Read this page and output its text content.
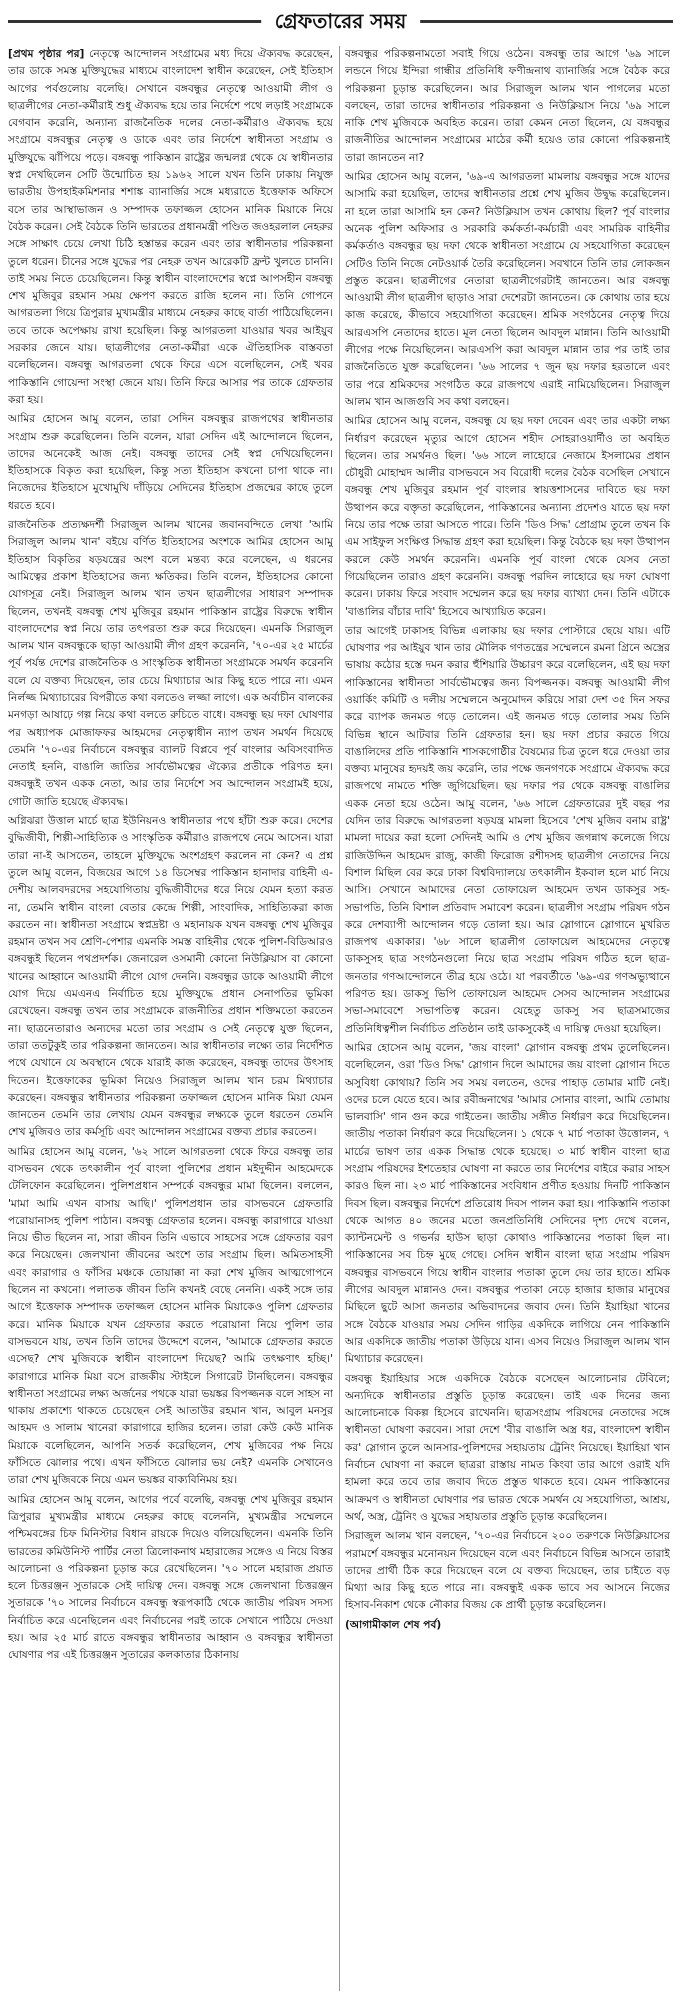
গ্রেফতারের সময়

[প্রথম পৃষ্ঠার পর] নেতৃত্বে আন্দোলন সংগ্রামের মধ্য দিয়ে ঐক্যবদ্ধ করেছেন, তার ডাকে সমস্ত মুক্তিযুদ্ধের মাধ্যমে বাংলাদেশ স্বাধীন করেছেন, সেই ইতিহাস আগের পর্বগুলোয় বলেছি। সেখানে বঙ্গবন্ধুর নেতৃত্বে আওয়ামী লীগ ও ছাত্রলীগের নেতা-কর্মীরাই শুধু ঐক্যবদ্ধ হয়ে তার নির্দেশে পথে লড়াই সংগ্রামকে বেগবান করেনি, অন্যান্য রাজনৈতিক দলের নেতা-কর্মীরাও ঐক্যবদ্ধ হয়ে সংগ্রামে বঙ্গবন্ধুর নেতৃত্ব ও ডাকে এবং তার নির্দেশে স্বাধীনতা সংগ্রাম ও মুক্তিযুদ্ধে ঝাঁপিয়ে পড়ে। বঙ্গবন্ধু পাকিস্তান রাষ্ট্রের জন্মলগ্ন থেকে যে স্বাধীনতার স্বপ্ন দেখছিলেন সেটি উন্মোচিত হয় ১৯৬২ সালে যখন তিনি ঢাকায় নিযুক্ত ভারতীয় উপহাইকমিশনার শশাঙ্ক ব্যানার্জির সঙ্গে মধ্যরাতে ইত্তেফাক অফিসে বসে তার আস্থাভাজন ও সম্পাদক তফাজ্জল হোসেন মানিক মিয়াকে নিয়ে বৈঠক করেন। সেই বৈঠকে তিনি ভারতের প্রধানমন্ত্রী পণ্ডিত জওহরলাল নেহরুর সঙ্গে সাক্ষাৎ চেয়ে লেখা চিঠি হস্তান্তর করেন এবং তার স্বাধীনতার পরিকল্পনা তুলে ধরেন। চীনের সঙ্গে যুদ্ধের পর নেহরু তখন আরেকটি ফ্রন্ট খুলতে চাননি। তাই সময় নিতে চেয়েছিলেন। কিন্তু স্বাধীন বাংলাদেশের স্বপ্নে আপসহীন বঙ্গবন্ধু শেখ মুজিবুর রহমান সময় ক্ষেপণ করতে রাজি হলেন না। তিনি গোপনে আগরতলা গিয়ে ত্রিপুরার মুখ্যমন্ত্রীর মাধ্যমে নেহরুর কাছে বার্তা পাঠিয়েছিলেন। তবে তাকে অপেক্ষায় রাখা হয়েছিল। কিন্তু আগরতলা যাওয়ার খবর আইয়ুব সরকার জেনে যায়। ছাত্রলীগের নেতা-কর্মীরা একে ঐতিহাসিক বাস্তবতা বলেছিলেন। বঙ্গবন্ধু আগরতলা থেকে ফিরে এসে বলেছিলেন, সেই খবর পাকিস্তানি গোয়েন্দা সংস্থা জেনে যায়। তিনি ফিরে আসার পর তাকে গ্রেফতার করা হয়।

আমির হোসেন আমু বলেন, তারা সেদিন বঙ্গবন্ধুর রাজপথের স্বাধীনতার সংগ্রাম শুরু করেছিলেন। তিনি বলেন, যারা সেদিন এই আন্দোলনে ছিলেন, তাদের অনেকেই আজ নেই। বঙ্গবন্ধু তাদের সেই স্বপ্ন দেখিয়েছিলেন। ইতিহাসকে বিকৃত করা হয়েছিল, কিন্তু সত্য ইতিহাস কখনো চাপা থাকে না। নিজেদের ইতিহাসে মুখোমুখি দাঁড়িয়ে সেদিনের ইতিহাস প্রজন্মের কাছে তুলে ধরতে হবে।

রাজনৈতিক প্রত্যক্ষদর্শী সিরাজুল আলম খানের জবানবন্দিতে লেখা 'আমি সিরাজুল আলম খান' বইয়ে বর্ণিত ইতিহাসের অংশকে আমির হোসেন আমু ইতিহাস বিকৃতির ষড়যন্ত্রের অংশ বলে মন্তব্য করে বলেছেন, এ ধরনের আমিত্বের প্রকাশ ইতিহাসের জন্য ক্ষতিকর। তিনি বলেন, ইতিহাসের কোনো যোগসূত্র নেই। সিরাজুল আলম খান তখন ছাত্রলীগের সাধারণ সম্পাদক ছিলেন, তখনই বঙ্গবন্ধু শেখ মুজিবুর রহমান পাকিস্তান রাষ্ট্রের বিরুদ্ধে স্বাধীন বাংলাদেশের স্বপ্ন নিয়ে তার তৎপরতা শুরু করে দিয়েছেন। এমনকি সিরাজুল আলম খান বঙ্গবন্ধুকে ছাড়া আওয়ামী লীগ গ্রহণ করেননি, '৭০-এর ২৫ মার্চের পূর্ব পর্যন্ত দেশের রাজনৈতিক ও সাংস্কৃতিক স্বাধীনতা সংগ্রামকে সমর্থন করেননি বলে যে বক্তব্য দিয়েছেন, তার চেয়ে মিথ্যাচার আর কিছু হতে পারে না। এমন নির্লজ্জ মিথ্যাচারের বিপরীতে কথা বলতেও লজ্জা লাগে। এক অর্বাচীন বালকের মনগড়া আষাঢ়ে গল্প নিয়ে কথা বলতে রুচিতে বাধে। বঙ্গবন্ধু ছয় দফা ঘোষণার পর অধ্যাপক মোজাফফর আহমদের নেতৃত্বাধীন ন্যাপ তখন সমর্থন দিয়েছে তেমনি '৭০-এর নির্বাচনে বঙ্গবন্ধুর ব্যালট বিপ্লবে পূর্ব বাংলার অবিসংবাদিত নেতাই হননি, বাঙালি জাতির সার্বভৌমত্বের ঐক্যের প্রতীকে পরিণত হন। বঙ্গবন্ধুই তখন একক নেতা, আর তার নির্দেশে সব আন্দোলন সংগ্রামই হয়ে, গোটা জাতি হয়েছে ঐক্যবদ্ধ।

অগ্নিঝরা উত্তাল মার্চে ছাত্র ইউনিয়নও স্বাধীনতার পথে হাঁটা শুরু করে। দেশের বুদ্ধিজীবী, শিল্পী-সাহিত্যিক ও সাংস্কৃতিক কর্মীরাও রাজপথে নেমে আসেন। যারা তারা না-ই আসতেন, তাহলে মুক্তিযুদ্ধে অংশগ্রহণ করলেন না কেন? এ প্রশ্ন তুলে আমু বলেন, বিজয়ের আগে ১৪ ডিসেম্বর পাকিস্তান হানাদার বাহিনী এ-দেশীয় আলবদরদের সহযোগিতায় বুদ্ধিজীবীদের ধরে নিয়ে যেমন হত্যা করত না, তেমনি স্বাধীন বাংলা বেতার কেন্দ্রে শিল্পী, সাংবাদিক, সাহিত্যিকরা কাজ করতেন না। স্বাধীনতা সংগ্রামে স্বপ্নদ্রষ্টা ও মহানায়ক যখন বঙ্গবন্ধু শেখ মুজিবুর রহমান তখন সব শ্রেণি-পেশার এমনকি সমস্ত বাহিনীর থেকে পুলিশ-বিডিআরও বঙ্গবন্ধুই ছিলেন পথপ্রদর্শক। জেনারেল ওসমানী কোনো নিউক্লিয়াস বা কোনো খানের আহ্বানে আওয়ামী লীগে যোগ দেননি। বঙ্গবন্ধুর ডাকে আওয়ামী লীগে যোগ দিয়ে এমএনএ নির্বাচিত হয়ে মুক্তিযুদ্ধে প্রধান সেনাপতির ভূমিকা রেখেছেন। বঙ্গবন্ধু তখন তার সংগ্রামকে রাজনীতির প্রধান শক্তিমতো করতেন না। ছাত্রনেতারাও অন্যদের মতো তার সংগ্রাম ও সেই নেতৃত্বে যুক্ত ছিলেন, তারা ততটুকুই তার পরিকল্পনা জানতেন। আর স্বাধীনতার লক্ষ্যে তার নির্দেশিত পথে যেখানে যে অবস্থানে থেকে যারাই কাজ করেছেন, বঙ্গবন্ধু তাদের উৎসাহ দিতেন। ইত্তেফাকের ভূমিকা নিয়েও সিরাজুল আলম খান চরম মিথ্যাচার করেছেন। বঙ্গবন্ধুর স্বাধীনতার পরিকল্পনা তফাজ্জল হোসেন মানিক মিয়া যেমন জানতেন তেমনি তার লেখায় যেমন বঙ্গবন্ধুর লক্ষ্যকে তুলে ধরতেন তেমনি শেখ মুজিবও তার কর্মসূচি এবং আন্দোলন সংগ্রামের বক্তব্য প্রচার করতেন।

আমির হোসেন আমু বলেন, '৬২ সালে আগরতলা থেকে ফিরে বঙ্গবন্ধু তার বাসভবন থেকে তৎকালীন পূর্ব বাংলা পুলিশের প্রধান মইদুদ্দীন আহমেদকে টেলিফোন করেছিলেন। পুলিশপ্রধান সম্পর্কে বঙ্গবন্ধুর মামা ছিলেন। বললেন, 'মামা আমি এখন বাসায় আছি।' পুলিশপ্রধান তার বাসভবনে গ্রেফতারি পরোয়ানাসহ পুলিশ পাঠান। বঙ্গবন্ধু গ্রেফতার হলেন। বঙ্গবন্ধু কারাগারে যাওয়া নিয়ে ভীত ছিলেন না, সারা জীবন তিনি এভাবে সাহসের সঙ্গে গ্রেফতার বরণ করে নিয়েছেন। জেলখানা জীবনের অংশে তার সংগ্রাম ছিল। অমিতসাহসী এবং কারাগার ও ফাঁসির মঞ্চকে তোয়াক্কা না করা শেখ মুজিব আত্মগোপনে ছিলেন না কখনো। পলাতক জীবন তিনি কখনই বেছে নেননি। একই সঙ্গে তার আগে ইত্তেফাক সম্পাদক তফাজ্জল হোসেন মানিক মিয়াকেও পুলিশ গ্রেফতার করে। মানিক মিয়াকে যখন গ্রেফতার করতে পরোয়ানা নিয়ে পুলিশ তার বাসভবনে যায়, তখন তিনি তাদের উদ্দেশে বলেন, 'আমাকে গ্রেফতার করতে এসেছ? শেখ মুজিবকে স্বাধীন বাংলাদেশ দিয়েছ? আমি তৎক্ষণাৎ হচ্ছি।' কারাগারে মানিক মিয়া বসে রাজকীয় স্টাইলে সিগারেট টানছিলেন। বঙ্গবন্ধুর স্বাধীনতা সংগ্রামের লক্ষ্য অর্জনের পথকে যারা ভয়ঙ্কর বিপজ্জনক বলে সাহস না থাকায় প্রকাশ্যে থাকতে চেয়েছেন সেই আতাউর রহমান খান, আবুল মনসুর আহমদ ও সালাম খানেরা কারাগারে হাজির হলেন। তারা কেউ কেউ মানিক মিয়াকে বলেছিলেন, আপনি সতর্ক করেছিলেন, শেখ মুজিবের পক্ষ নিয়ে ফাঁসিতে ঝোলার পথে। এখন ফাঁসিতে ঝোলার ভয় নেই? এমনকি সেখানেও তারা শেখ মুজিবকে নিয়ে এমন ভয়ঙ্কর বাক্যবিনিময় হয়।

আমির হোসেন আমু বলেন, আগের পর্বে বলেছি, বঙ্গবন্ধু শেখ মুজিবুর রহমান ত্রিপুরার মুখ্যমন্ত্রীর মাধ্যমে নেহরুর কাছে বলেননি, মুখ্যমন্ত্রীর সম্মেলনে পশ্চিমবঙ্গের চিফ মিনিস্টার বিধান রায়কে দিয়েও বলিয়েছিলেন। এমনকি তিনি ভারতের কমিউনিস্ট পার্টির নেতা ত্রিলোকনাথ মহারাজের সঙ্গেও এ নিয়ে বিস্তর আলোচনা ও পরিকল্পনা চূড়ান্ত করে রেখেছিলেন। '৭০ সালে মহারাজ প্রয়াত হলে চিত্তরঞ্জন সুতারকে সেই দায়িত্ব দেন। বঙ্গবন্ধু সঙ্গে জেলখানা চিত্তরঞ্জন সুতারকে '৭০ সালের নির্বাচনে বঙ্গবন্ধু স্বরূপকাঠি থেকে জাতীয় পরিষদ সদস্য নির্বাচিত করে এনেছিলেন এবং নির্বাচনের পরই তাকে সেখানে পাঠিয়ে দেওয়া হয়। আর ২৫ মার্চ রাতে বঙ্গবন্ধুর স্বাধীনতার আহ্বান ও বঙ্গবন্ধুর স্বাধীনতা ঘোষণার পর এই চিত্তরঞ্জন সুতারের কলকাতার ঠিকানায়

বঙ্গবন্ধুর পরিকল্পনামতো সবাই গিয়ে ওঠেন। বঙ্গবন্ধু তার আগে '৬৯ সালে লন্ডনে গিয়ে ইন্দিরা গান্ধীর প্রতিনিধি ফণীন্দ্রনাথ ব্যানার্জির সঙ্গে বৈঠক করে পরিকল্পনা চূড়ান্ত করেছিলেন। আর সিরাজুল আলম খান পাগলের মতো বলছেন, তারা তাদের স্বাধীনতার পরিকল্পনা ও নিউক্লিয়াস নিয়ে '৬৯ সালে নাকি শেখ মুজিবকে অবহিত করেন। তারা কেমন নেতা ছিলেন, যে বঙ্গবন্ধুর রাজনীতির আন্দোলন সংগ্রামের মাঠের কর্মী হয়েও তার কোনো পরিকল্পনাই তারা জানতেন না?

আমির হোসেন আমু বলেন, '৬৯-এ আগরতলা মামলায় বঙ্গবন্ধুর সঙ্গে যাদের আসামি করা হয়েছিল, তাদের স্বাধীনতার প্রশ্নে শেখ মুজিব উদ্বুদ্ধ করেছিলেন। না হলে তারা আসামি হন কেন? নিউক্লিয়াস তখন কোথায় ছিল? পূর্ব বাংলার অনেক পুলিশ অফিসার ও সরকারি কর্মকর্তা-কর্মচারী এবং সামরিক বাহিনীর কর্মকর্তাও বঙ্গবন্ধুর ছয় দফা থেকে স্বাধীনতা সংগ্রামে যে সহযোগিতা করেছেন সেটিও তিনি নিজে নেটওয়ার্ক তৈরি করেছিলেন। সবখানে তিনি তার লোকজন প্রস্তুত করেন। ছাত্রলীগের নেতারা ছাত্রলীগেরটাই জানতেন। আর বঙ্গবন্ধু আওয়ামী লীগ ছাত্রলীগ ছাড়াও সারা দেশেরটা জানতেন। কে কোথায় তার হয়ে কাজ করেছে, কীভাবে সহযোগিতা করেছেন। শ্রমিক সংগঠনের নেতৃত্ব দিয়ে আরএসপি নেতাদের হাতে। মূল নেতা ছিলেন আবদুল মান্নান। তিনি আওয়ামী লীগের পক্ষে নিয়েছিলেন। আরএসপি করা আবদুল মান্নান তার পর তাই তার রাজনৈতিতে যুক্ত করেছিলেন। '৬৬ সালের ৭ জুন ছয় দফার হরতালে এবং তার পরে শ্রমিকদের সংগঠিত করে রাজপথে এরাই নামিয়েছিলেন। সিরাজুল আলম খান আজগুবি সব কথা বলছেন।

আমির হোসেন আমু বলেন, বঙ্গবন্ধু যে ছয় দফা দেবেন এবং তার একটা লক্ষ্য নির্ধারণ করেছেন মৃত্যুর আগে হোসেন শহীদ সোহরাওয়ার্দীও তা অবহিত ছিলেন। তার সমর্থনও ছিল। '৬৬ সালে লাহোরে নেজামে ইসলামের প্রধান চৌধুরী মোহাম্মদ আলীর বাসভবনে সব বিরোধী দলের বৈঠক বসেছিল সেখানে বঙ্গবন্ধু শেখ মুজিবুর রহমান পূর্ব বাংলার স্বায়ত্তশাসনের দাবিতে ছয় দফা উত্থাপন করে বক্তৃতা করেছিলেন, পাকিস্তানের অন্যান্য প্রদেশও যাতে ছয় দফা নিয়ে তার পক্ষে তারা আসতে পারে। তিনি 'ডিও সিদ্ধ' প্রোগ্রাম তুলে তখন কি এম সাইফুল সংক্ষিপ্ত সিদ্ধান্ত গ্রহণ করা হয়েছিল। কিন্তু বৈঠকে ছয় দফা উত্থাপন করলে কেউ সমর্থন করেননি। এমনকি পূর্ব বাংলা থেকে যেসব নেতা গিয়েছিলেন তারাও গ্রহণ করেননি। বঙ্গবন্ধু পরদিন লাহোরে ছয় দফা ঘোষণা করেন। ঢাকায় ফিরে সংবাদ সম্মেলন করে ছয় দফার ব্যাখ্যা দেন। তিনি এটাকে 'বাঙালির বাঁচার দাবি' হিসেবে আখ্যায়িত করেন।

তার আগেই ঢাকাসহ বিভিন্ন এলাকায় ছয় দফার পোস্টারে ছেয়ে যায়। এটি ঘোষণার পর আইয়ুব খান তার মৌলিক গণতন্ত্রের সম্মেলনে রমনা গ্রিনে অস্ত্রের ভাষায় কঠোর হস্তে দমন করার হুঁশিয়ারি উচ্চারণ করে বলেছিলেন, এই ছয় দফা পাকিস্তানের স্বাধীনতা সার্বভৌমত্বের জন্য বিপজ্জনক। বঙ্গবন্ধু আওয়ামী লীগ ওয়ার্কিং কমিটি ও দলীয় সম্মেলনে অনুমোদন করিয়ে সারা দেশ ৩৫ দিন সফর করে ব্যাপক জনমত গড়ে তোলেন। এই জনমত গড়ে তোলার সময় তিনি বিভিন্ন স্থানে আটবার তিনি গ্রেফতার হন। ছয় দফা প্রচার করতে গিয়ে বাঙালিদের প্রতি পাকিস্তানি শাসকগোষ্ঠীর বৈষম্যের চিত্র তুলে ধরে দেওয়া তার বক্তব্য মানুষের হৃদয়ই জয় করেনি, তার পক্ষে জনগণকে সংগ্রামে ঐক্যবদ্ধ করে রাজপথে নামতে শক্তি জুগিয়েছিল। ছয় দফার পর থেকে বঙ্গবন্ধু বাঙালির একক নেতা হয়ে ওঠেন। আমু বলেন, '৬৬ সালে গ্রেফতারের দুই বছর পর যেদিন তার বিরুদ্ধে আগরতলা ষড়যন্ত্র মামলা হিসেবে 'শেখ মুজিব বনাম রাষ্ট্র' মামলা দায়ের করা হলো সেদিনই আমি ও শেখ মুজিব জগন্নাথ কলেজে গিয়ে রাজিউদ্দিন আহমেদ রাজু, কাজী ফিরোজ রশীদসহ ছাত্রলীগ নেতাদের নিয়ে বিশাল মিছিল বের করে ঢাকা বিশ্ববিদ্যালয়ে তৎকালীন ইকবাল হলে মার্চ নিয়ে আসি। সেখানে আমাদের নেতা তোফায়েল আহমেদ তখন ডাকসুর সহ-সভাপতি, তিনি বিশাল প্রতিবাদ সমাবেশ করেন। ছাত্রলীগ সংগ্রাম পরিষদ গঠন করে দেশব্যাপী আন্দোলন গড়ে তোলা হয়। আর স্লোগানে স্লোগানে মুখরিত রাজপথ একাকার। '৬৮ সালে ছাত্রলীগ তোফায়েল আহমেদের নেতৃত্বে ডাকসুসহ ছাত্র সংগঠনগুলো নিয়ে ছাত্র সংগ্রাম পরিষদ গঠিত হলে ছাত্র-জনতার গণআন্দোলনে তীব্র হয়ে ওঠে। যা পরবর্তীতে '৬৯-এর গণঅভ্যুত্থানে পরিণত হয়। ডাকসু ভিপি তোফায়েল আহমেদ সেসব আন্দোলন সংগ্রামের সভা-সমাবেশে সভাপতিত্ব করেন। যেহেতু ডাকসু সব ছাত্রসমাজের প্রতিনিধিত্বশীল নির্বাচিত প্রতিষ্ঠান তাই ডাকসুকেই এ দায়িত্ব দেওয়া হয়েছিল।

আমির হোসেন আমু বলেন, 'জয় বাংলা' স্লোগান বঙ্গবন্ধু প্রথম তুলেছিলেন। বলেছিলেন, ওরা 'ডিও সিদ্ধ' স্লোগান দিলে আমাদের জয় বাংলা স্লোগান দিতে অসুবিধা কোথায়? তিনি সব সময় বলতেন, ওদের পাহাড় তোমার মাটি নেই। ওদের চলে যেতে হবে। আর রবীন্দ্রনাথের 'আমার সোনার বাংলা, আমি তোমায় ভালবাসি' গান গুন করে গাইতেন। জাতীয় সঙ্গীত নির্ধারণ করে দিয়েছিলেন। জাতীয় পতাকা নির্ধারণ করে দিয়েছিলেন। ১ থেকে ৭ মার্চ পতাকা উত্তোলন, ৭ মার্চের ভাষণ তার একক সিদ্ধান্ত থেকে হয়েছে। ৩ মার্চ স্বাধীন বাংলা ছাত্র সংগ্রাম পরিষদের ইশতেহার ঘোষণা না করতে তার নির্দেশের বাইরে করার সাহস কারও ছিল না। ২৩ মার্চ পাকিস্তানের সংবিধান প্রণীত হওয়ায় দিনটি পাকিস্তান দিবস ছিল। বঙ্গবন্ধুর নির্দেশে প্রতিরোধ দিবস পালন করা হয়। পাকিস্তানি পতাকা থেকে আগত ৪০ জনের মতো জনপ্রতিনিধি সেদিনের দৃশ্য দেখে বলেন, ক্যান্টনমেন্ট ও গভর্নর হাউস ছাড়া কোথাও পাকিস্তানের পতাকা ছিল না। পাকিস্তানের সব চিহ্ন মুছে গেছে। সেদিন স্বাধীন বাংলা ছাত্র সংগ্রাম পরিষদ বঙ্গবন্ধুর বাসভবনে গিয়ে স্বাধীন বাংলার পতাকা তুলে দেয় তার হাতে। শ্রমিক লীগের আবদুল মান্নানও দেন। বঙ্গবন্ধুর পতাকা নেড়ে হাজার হাজার মানুষের মিছিলে ছুটে আসা জনতার অভিবাদনের জবাব দেন। তিনি ইয়াহিয়া খানের সঙ্গে বৈঠকে যাওয়ার সময় সেদিন গাড়ির একদিকে লাগিয়ে নেন পাকিস্তানি আর একদিকে জাতীয় পতাকা উড়িয়ে যান। এসব নিয়েও সিরাজুল আলম খান মিথ্যাচার করেছেন।

বঙ্গবন্ধু ইয়াহিয়ার সঙ্গে একদিকে বৈঠকে বসেছেন আলোচনার টেবিলে; অন্যদিকে স্বাধীনতার প্রস্তুতি চূড়ান্ত করেছেন। তাই এক দিনের জন্য আলোচনাকে বিকল্প হিসেবে রাখেননি। ছাত্রসংগ্রাম পরিষদের নেতাদের সঙ্গে স্বাধীনতা ঘোষণা করবেন। সারা দেশে 'বীর বাঙালি অস্ত্র ধর, বাংলাদেশ স্বাধীন কর' স্লোগান তুলে আনসার-পুলিশদের সহায়তায় ট্রেনিং নিয়েছে। ইয়াহিয়া খান নির্বাচন ঘোষণা না করলে ছাত্ররা রাস্তায় নামত কিংবা তার আগে ওরাই যদি হামলা করে তবে তার জবাব দিতে প্রস্তুত থাকতে হবে। যেমন পাকিস্তানের আক্রমণ ও স্বাধীনতা ঘোষণার পর ভারত থেকে সমর্থন যে সহযোগিতা, আশ্রয়, অর্থ, অস্ত্র, ট্রেনিং ও যুদ্ধের সহায়তার প্রস্তুতি চূড়ান্ত করেছিলেন।

সিরাজুল আলম খান বলছেন, '৭০-এর নির্বাচনে ২০০ তরুণকে নিউক্লিয়াসের পরামর্শে বঙ্গবন্ধুর মনোনয়ন দিয়েছেন বলে এবং নির্বাচনে বিভিন্ন আসনে তারাই তাদের প্রার্থী ঠিক করে দিয়েছেন বলে যে বক্তব্য দিয়েছেন, তার চাইতে বড় মিথ্যা আর কিছু হতে পারে না। বঙ্গবন্ধুই একক ভাবে সব আসনে নিজের হিসাব-নিকাশ থেকে নৌকার বিজয় কে প্রার্থী চূড়ান্ত করেছিলেন।

(আগামীকাল শেষ পর্ব)
